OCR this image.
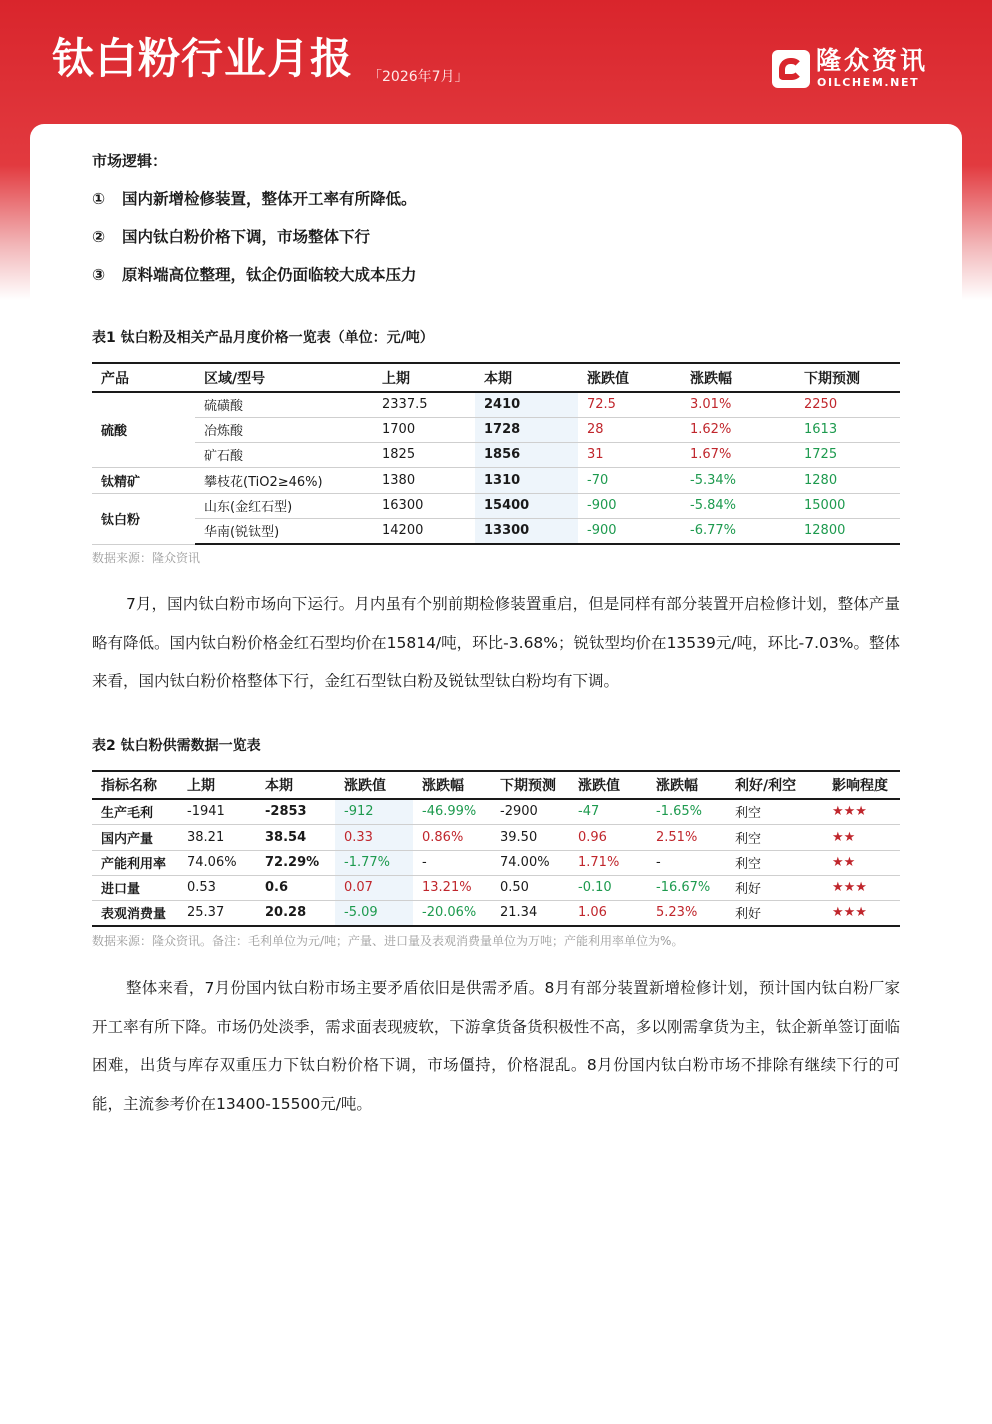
钛白粉行业月报 「2026年7月」
隆众资讯
OILCHEM.NET
市场逻辑：
① 国内新增检修装置，整体开工率有所降低。
② 国内钛白粉价格下调，市场整体下行
③ 原料端高位整理，钛企仍面临较大成本压力
表1 钛白粉及相关产品月度价格一览表（单位：元/吨）
产品	区域/型号	上期	本期	涨跌值	涨跌幅	下期预测
硫酸	硫磺酸	2337.5	2410	72.5	3.01%	2250
	冶炼酸	1700	1728	28	1.62%	1613
	矿石酸	1825	1856	31	1.67%	1725
钛精矿	攀枝花(TiO2≥46%)	1380	1310	-70	-5.34%	1280
钛白粉	山东(金红石型)	16300	15400	-900	-5.84%	15000
	华南(锐钛型)	14200	13300	-900	-6.77%	12800
数据来源：隆众资讯

7月，国内钛白粉市场向下运行。月内虽有个别前期检修装置重启，但是同样有部分装置开启检修计划，整体产量略有降低。国内钛白粉价格金红石型均价在15814/吨，环比-3.68%；锐钛型均价在13539元/吨，环比-7.03%。整体来看，国内钛白粉价格整体下行，金红石型钛白粉及锐钛型钛白粉均有下调。

表2 钛白粉供需数据一览表
指标名称	上期	本期	涨跌值	涨跌幅	下期预测	涨跌值	涨跌幅	利好/利空	影响程度
生产毛利	-1941	-2853	-912	-46.99%	-2900	-47	-1.65%	利空	★★★
国内产量	38.21	38.54	0.33	0.86%	39.50	0.96	2.51%	利空	★★
产能利用率	74.06%	72.29%	-1.77%	-	74.00%	1.71%	-	利空	★★
进口量	0.53	0.6	0.07	13.21%	0.50	-0.10	-16.67%	利好	★★★
表观消费量	25.37	20.28	-5.09	-20.06%	21.34	1.06	5.23%	利好	★★★
数据来源：隆众资讯。备注：毛利单位为元/吨；产量、进口量及表观消费量单位为万吨；产能利用率单位为%。

整体来看，7月份国内钛白粉市场主要矛盾依旧是供需矛盾。8月有部分装置新增检修计划，预计国内钛白粉厂家开工率有所下降。市场仍处淡季，需求面表现疲软，下游拿货备货积极性不高，多以刚需拿货为主，钛企新单签订面临困难，出货与库存双重压力下钛白粉价格下调，市场僵持，价格混乱。8月份国内钛白粉市场不排除有继续下行的可能，主流参考价在13400-15500元/吨。
